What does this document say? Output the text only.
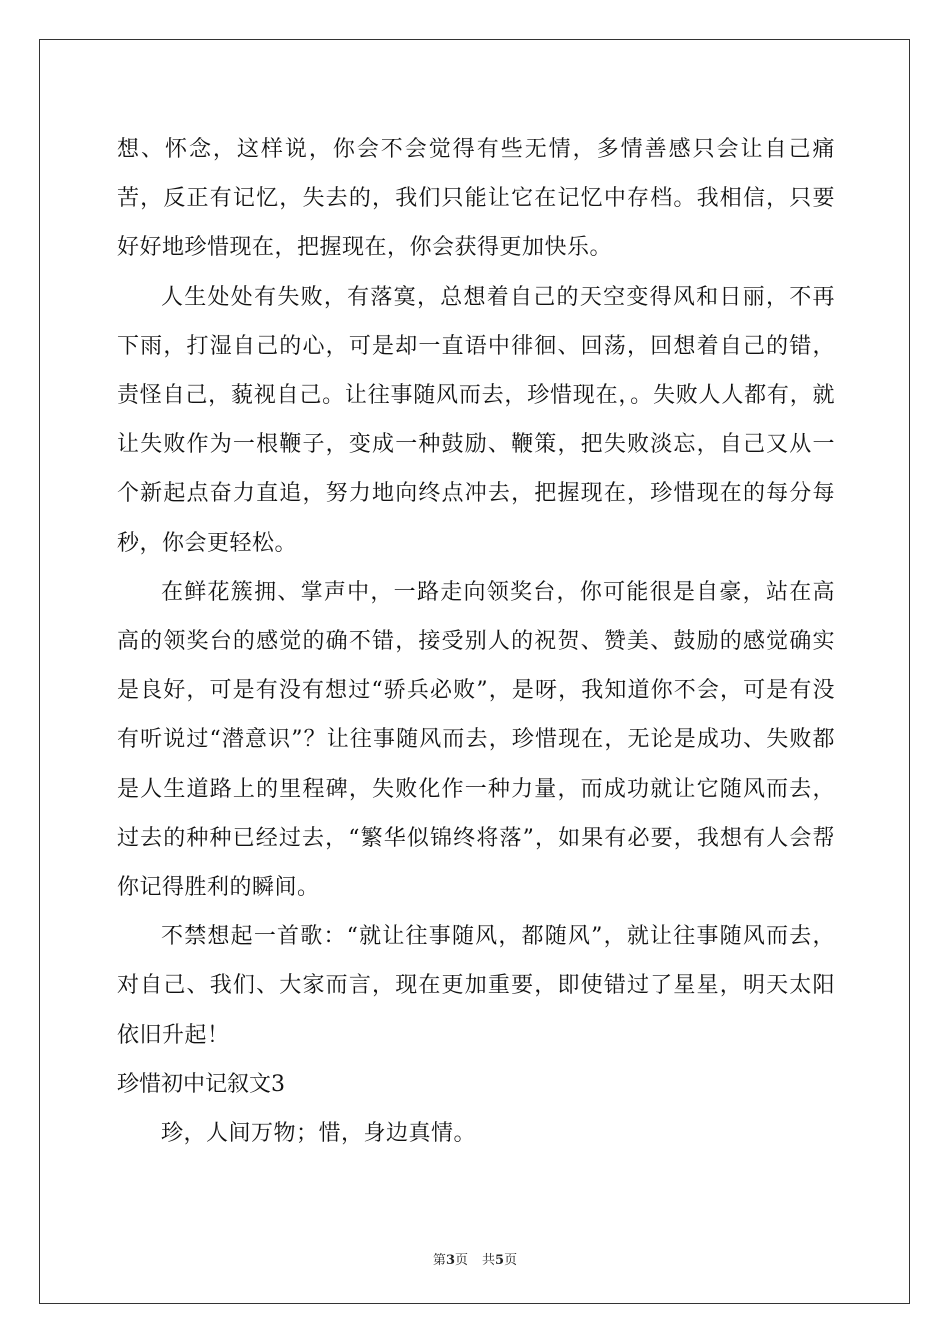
想、怀念，这样说，你会不会觉得有些无情，多情善感只会让自己痛苦，反正有记忆，失去的，我们只能让它在记忆中存档。我相信，只要好好地珍惜现在，把握现在，你会获得更加快乐。

人生处处有失败，有落寞，总想着自己的天空变得风和日丽，不再下雨，打湿自己的心，可是却一直语中徘徊、回荡，回想着自己的错，责怪自己，藐视自己。让往事随风而去，珍惜现在，。失败人人都有，就让失败作为一根鞭子，变成一种鼓励、鞭策，把失败淡忘，自己又从一个新起点奋力直追，努力地向终点冲去，把握现在，珍惜现在的每分每秒，你会更轻松。

在鲜花簇拥、掌声中，一路走向领奖台，你可能很是自豪，站在高高的领奖台的感觉的确不错，接受别人的祝贺、赞美、鼓励的感觉确实是良好，可是有没有想过“骄兵必败”，是呀，我知道你不会，可是有没有听说过“潜意识”？让往事随风而去，珍惜现在，无论是成功、失败都是人生道路上的里程碑，失败化作一种力量，而成功就让它随风而去，过去的种种已经过去，“繁华似锦终将落”，如果有必要，我想有人会帮你记得胜利的瞬间。

不禁想起一首歌：“就让往事随风，都随风”，就让往事随风而去，对自己、我们、大家而言，现在更加重要，即使错过了星星，明天太阳依旧升起！

珍惜初中记叙文3

珍，人间万物；惜，身边真情。

第3页 共5页
